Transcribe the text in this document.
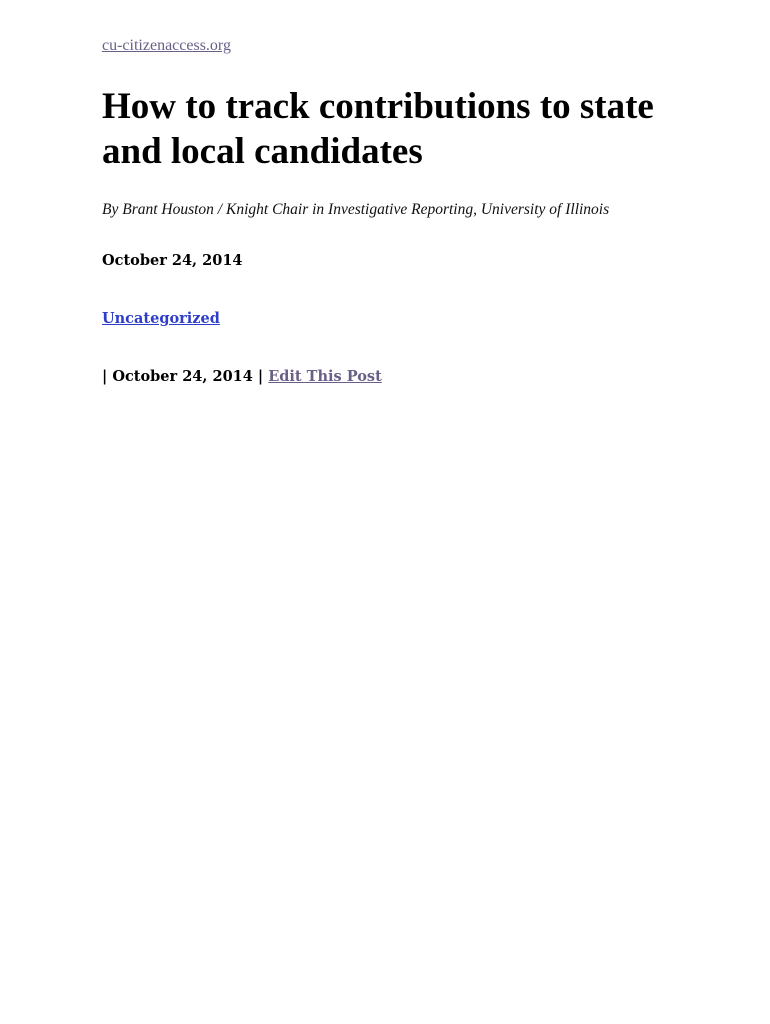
cu-citizenaccess.org
How to track contributions to state and local candidates

By Brant Houston / Knight Chair in Investigative Reporting, University of Illinois

October 24, 2014

Uncategorized

| October 24, 2014 | Edit This Post
